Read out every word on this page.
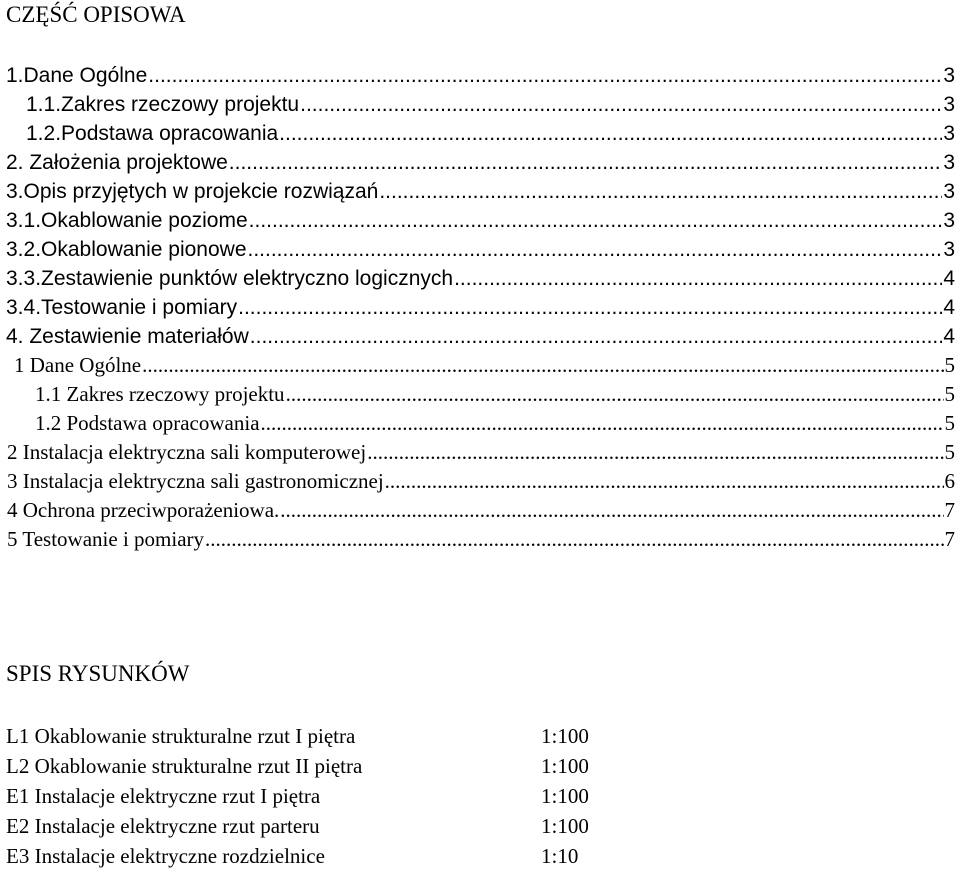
CZĘŚĆ OPISOWA
1.Dane Ogólne .....	3
1.1.Zakres rzeczowy projektu .....	3
1.2.Podstawa opracowania .....	3
2. Założenia projektowe .....	3
3.Opis przyjętych w projekcie rozwiązań .....	3
3.1.Okablowanie poziome .....	3
3.2.Okablowanie pionowe .....	3
3.3.Zestawienie punktów elektryczno logicznych .....	4
3.4.Testowanie i pomiary .....	4
4. Zestawienie materiałów .....	4
1 Dane Ogólne .....	5
1.1 Zakres rzeczowy projektu .....	5
1.2 Podstawa opracowania .....	5
2 Instalacja elektryczna sali komputerowej .....	5
3 Instalacja elektryczna sali gastronomicznej .....	6
4 Ochrona przeciwporażeniowa. .....	7
5 Testowanie i pomiary .....	7
SPIS RYSUNKÓW
L1 Okablowanie strukturalne rzut I piętra	1:100
L2 Okablowanie strukturalne rzut II piętra	1:100
E1 Instalacje elektryczne rzut I piętra	1:100
E2 Instalacje elektryczne rzut parteru	1:100
E3 Instalacje elektryczne rozdzielnice	1:10
